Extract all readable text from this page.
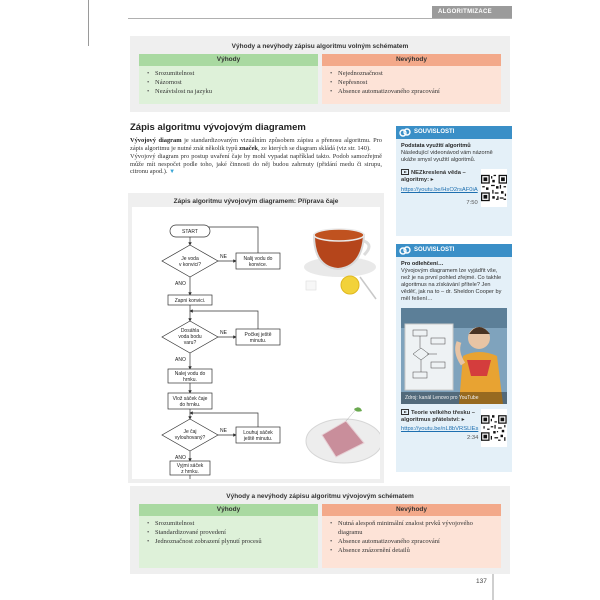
ALGORITMIZACE
Výhody a nevýhody zápisu algoritmu volným schématem
Výhody
• Srozumitelnost
• Názornost
• Nezávislost na jazyku
Nevýhody
• Nejednoznačnost
• Nepřesnost
• Absence automatizovaného zpracování
Zápis algoritmu vývojovým diagramem

Vývojový diagram je standardizovaným vizuálním způsobem zápisu a přenosu algoritmu. Pro zápis algoritmu je nutné znát několik typů značek, ze kterých se diagram skládá (viz str. 140).

Vývojový diagram pro postup uvaření čaje by mohl vypadat například takto. Podob samozřejmě může mít nespočet podle toho, jaké činnosti do něj budou zahrnuty (přidání medu či sirupu, citronu apod.). ▼

Zápis algoritmu vývojovým diagramem: Příprava čaje
START
Je voda
v konvici?
NE
ANO
Nalij vodu do
konvice.
Zapni konvici.
Dosáhla
voda bodu
varu?
NE
ANO
Počkej ještě
minutu.
Nalej vodu do
hrnku.
Vlož sáček čaje
do hrnku.
Je čaj
vylouhovaný?
NE
ANO
Louhuj sáček
ještě minutu.
Vyjmi sáček
z hrnku.
SOUVISLOSTI
Podstata využití algoritmů
Následující videonávod vám názorně ukáže smysl využití algoritmů.
NEZkreslená věda – algoritmy: ▸
https://youtu.be/HsO2rsAF0iA
7:50
SOUVISLOSTI
Pro odlehčení…
Vývojovým diagramem lze vyjádřit vše, než je na první pohled zřejmé. Co takhle algoritmus na získávání přítele? Jen věděť, jak na to – dr. Sheldon Cooper by měl řešení…
Zdroj: kanál Lenovo pro YouTube
Teorie velkého třesku – algoritmus přátelství: ▸
https://youtu.be/nL8bVRSLlEs
2:34
Výhody a nevýhody zápisu algoritmu vývojovým schématem
Výhody
• Srozumitelnost
• Standardizované provedení
• Jednoznačnost zobrazení plynutí procesů
Nevýhody
• Nutná alespoň minimální znalost prvků vývojového diagramu
• Absence automatizovaného zpracování
• Absence znázornění detailů
137
